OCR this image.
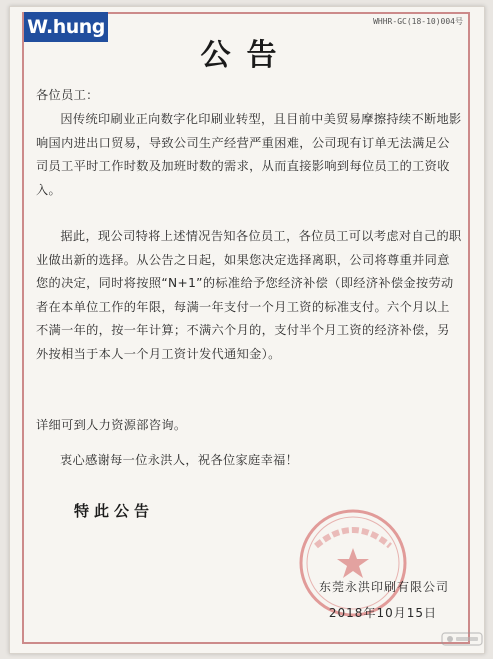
W.hung	WHHR-GC(18-10)004号
公告

各位员工：

因传统印刷业正向数字化印刷业转型，且目前中美贸易摩擦持续不断地影响国内进出口贸易，导致公司生产经营严重困难，公司现有订单无法满足公司员工平时工作时数及加班时数的需求，从而直接影响到每位员工的工资收入。

据此，现公司特将上述情况告知各位员工，各位员工可以考虑对自己的职业做出新的选择。从公告之日起，如果您决定选择离职，公司将尊重并同意您的决定，同时将按照“N+1”的标准给予您经济补偿（即经济补偿金按劳动者在本单位工作的年限，每满一年支付一个月工资的标准支付。六个月以上不满一年的，按一年计算；不满六个月的，支付半个月工资的经济补偿，另外按相当于本人一个月工资计发代通知金）。

详细可到人力资源部咨询。

衷心感谢每一位永洪人，祝各位家庭幸福！

特此公告
东莞永洪印刷有限公司
2018年10月15日
